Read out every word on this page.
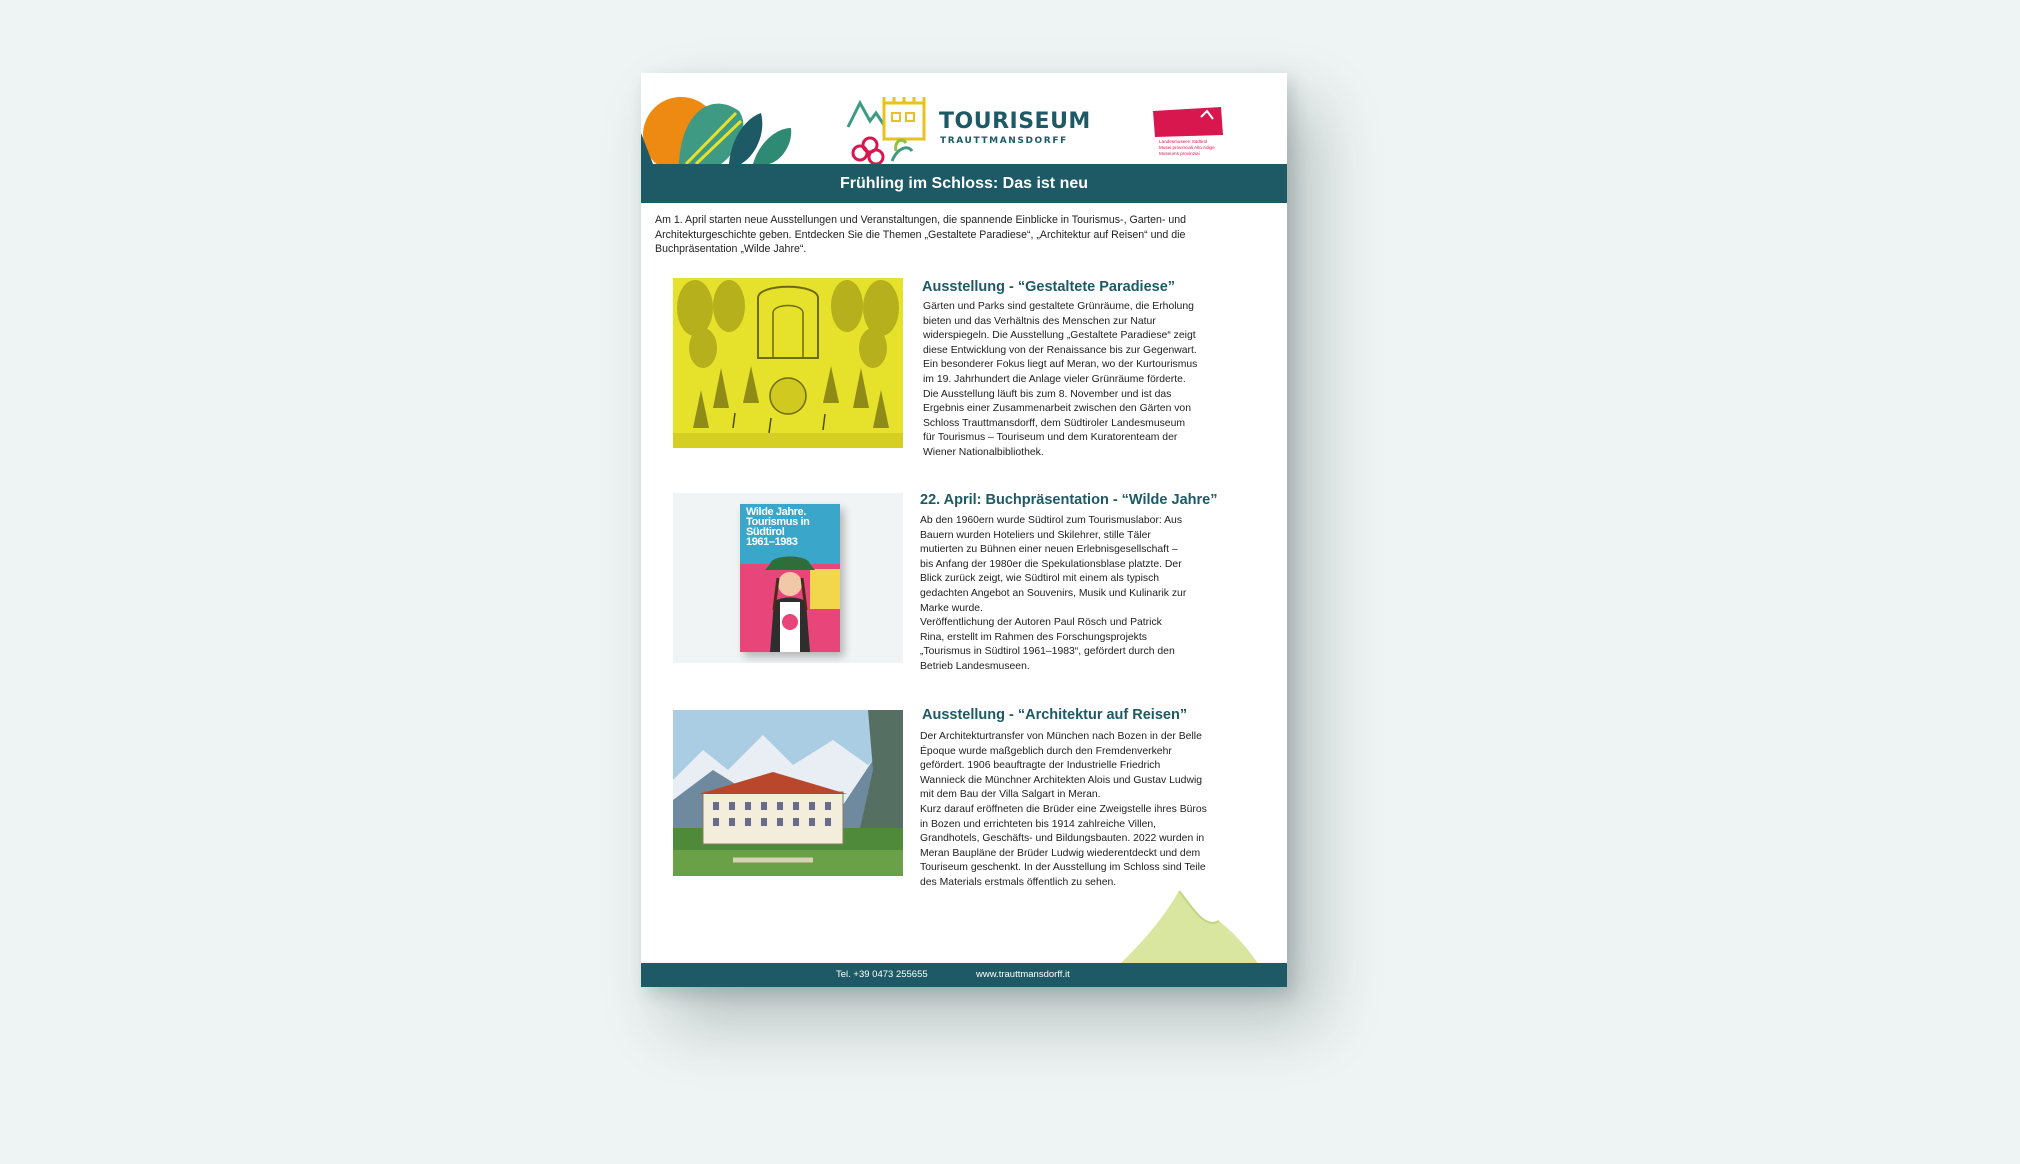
TOURISEUM
TRAUTTMANSDORFF	Landesmuseen Südtirol
Musei provinciali Alto Adige
Museums provinziai
Frühling im Schloss: Das ist neu
Am 1. April starten neue Ausstellungen und Veranstaltungen, die spannende Einblicke in Tourismus-, Garten- und Architekturgeschichte geben. Entdecken Sie die Themen „Gestaltete Paradiese“, „Architektur auf Reisen“ und die Buchpräsentation „Wilde Jahre“.
Ausstellung - “Gestaltete Paradiese”
Gärten und Parks sind gestaltete Grünräume, die Erholung
bieten und das Verhältnis des Menschen zur Natur
widerspiegeln. Die Ausstellung „Gestaltete Paradiese“ zeigt
diese Entwicklung von der Renaissance bis zur Gegenwart.
Ein besonderer Fokus liegt auf Meran, wo der Kurtourismus
im 19. Jahrhundert die Anlage vieler Grünräume förderte.
Die Ausstellung läuft bis zum 8. November und ist das
Ergebnis einer Zusammenarbeit zwischen den Gärten von
Schloss Trauttmansdorff, dem Südtiroler Landesmuseum
für Tourismus – Touriseum und dem Kuratorenteam der
Wiener Nationalbibliothek.
Wilde Jahre.
Tourismus in
Südtirol
1961–1983
22. April: Buchpräsentation - “Wilde Jahre”
Ab den 1960ern wurde Südtirol zum Tourismuslabor: Aus
Bauern wurden Hoteliers und Skilehrer, stille Täler
mutierten zu Bühnen einer neuen Erlebnisgesellschaft –
bis Anfang der 1980er die Spekulationsblase platzte. Der
Blick zurück zeigt, wie Südtirol mit einem als typisch
gedachten Angebot an Souvenirs, Musik und Kulinarik zur
Marke wurde.
Veröffentlichung der Autoren Paul Rösch und Patrick
Rina, erstellt im Rahmen des Forschungsprojekts
„Tourismus in Südtirol 1961–1983“, gefördert durch den
Betrieb Landesmuseen.
Ausstellung - “Architektur auf Reisen”
Der Architekturtransfer von München nach Bozen in der Belle
Époque wurde maßgeblich durch den Fremdenverkehr
gefördert. 1906 beauftragte der Industrielle Friedrich
Wannieck die Münchner Architekten Alois und Gustav Ludwig
mit dem Bau der Villa Salgart in Meran.
Kurz darauf eröffneten die Brüder eine Zweigstelle ihres Büros
in Bozen und errichteten bis 1914 zahlreiche Villen,
Grandhotels, Geschäfts- und Bildungsbauten. 2022 wurden in
Meran Baupläne der Brüder Ludwig wiederentdeckt und dem
Touriseum geschenkt. In der Ausstellung im Schloss sind Teile
des Materials erstmals öffentlich zu sehen.
Tel. +39 0473 255655	www.trauttmansdorff.it
